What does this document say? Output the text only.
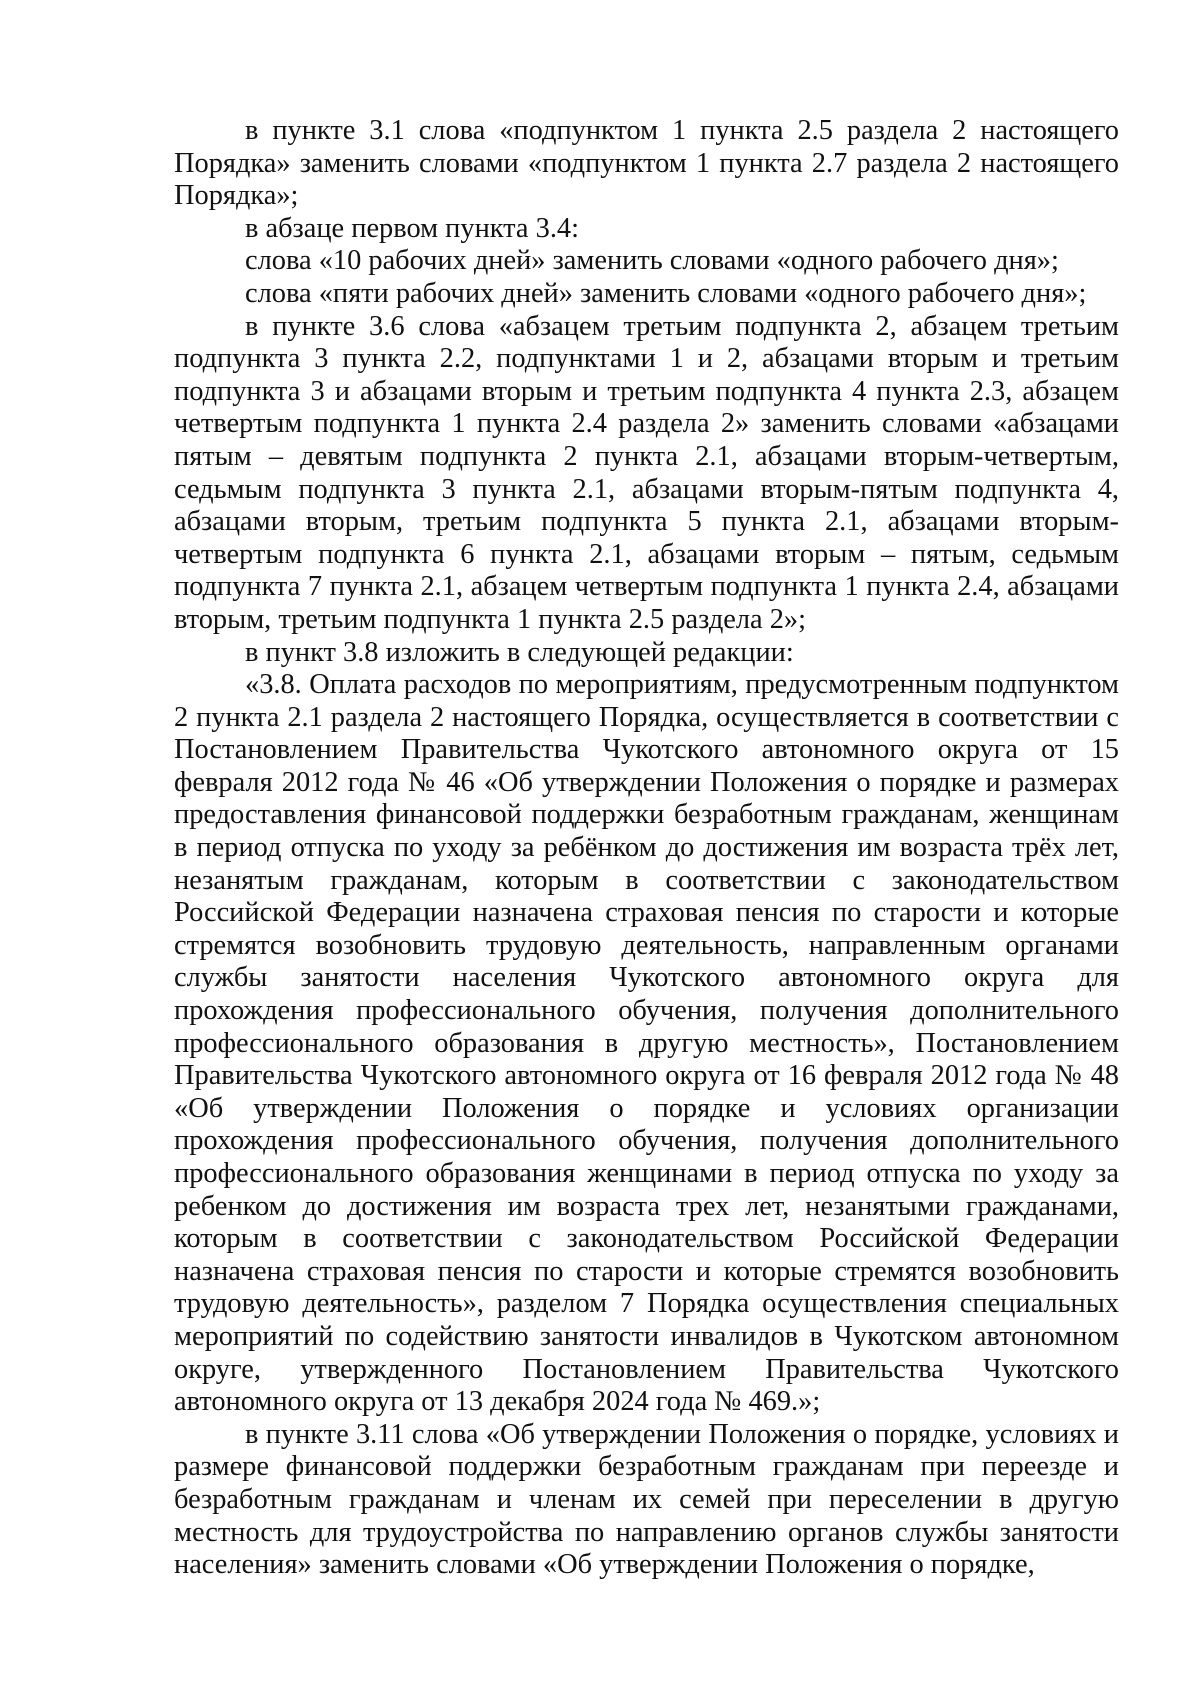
в пункте 3.1 слова «подпунктом 1 пункта 2.5 раздела 2 настоящего Порядка» заменить словами «подпунктом 1 пункта 2.7 раздела 2 настоящего Порядка»;

в абзаце первом пункта 3.4:

слова «10 рабочих дней» заменить словами «одного рабочего дня»;

слова «пяти рабочих дней» заменить словами «одного рабочего дня»;

в пункте 3.6 слова «абзацем третьим подпункта 2, абзацем третьим подпункта 3 пункта 2.2, подпунктами 1 и 2, абзацами вторым и третьим подпункта 3 и абзацами вторым и третьим подпункта 4 пункта 2.3, абзацем четвертым подпункта 1 пункта 2.4 раздела 2» заменить словами «абзацами пятым – девятым подпункта 2 пункта 2.1, абзацами вторым-четвертым, седьмым подпункта 3 пункта 2.1, абзацами вторым-пятым подпункта 4, абзацами вторым, третьим подпункта 5 пункта 2.1, абзацами вторым-четвертым подпункта 6 пункта 2.1, абзацами вторым – пятым, седьмым подпункта 7 пункта 2.1, абзацем четвертым подпункта 1 пункта 2.4, абзацами вторым, третьим подпункта 1 пункта 2.5 раздела 2»;

в пункт 3.8 изложить в следующей редакции:

«3.8. Оплата расходов по мероприятиям, предусмотренным подпунктом 2 пункта 2.1 раздела 2 настоящего Порядка, осуществляется в соответствии с Постановлением Правительства Чукотского автономного округа от 15 февраля 2012 года № 46 «Об утверждении Положения о порядке и размерах предоставления финансовой поддержки безработным гражданам, женщинам в период отпуска по уходу за ребёнком до достижения им возраста трёх лет, незанятым гражданам, которым в соответствии с законодательством Российской Федерации назначена страховая пенсия по старости и которые стремятся возобновить трудовую деятельность, направленным органами службы занятости населения Чукотского автономного округа для прохождения профессионального обучения, получения дополнительного профессионального образования в другую местность», Постановлением Правительства Чукотского автономного округа от 16 февраля 2012 года № 48 «Об утверждении Положения о порядке и условиях организации прохождения профессионального обучения, получения дополнительного профессионального образования женщинами в период отпуска по уходу за ребенком до достижения им возраста трех лет, незанятыми гражданами, которым в соответствии с законодательством Российской Федерации назначена страховая пенсия по старости и которые стремятся возобновить трудовую деятельность», разделом 7 Порядка осуществления специальных мероприятий по содействию занятости инвалидов в Чукотском автономном округе, утвержденного Постановлением Правительства Чукотского автономного округа от 13 декабря 2024 года № 469.»;

в пункте 3.11 слова «Об утверждении Положения о порядке, условиях и размере финансовой поддержки безработным гражданам при переезде и безработным гражданам и членам их семей при переселении в другую местность для трудоустройства по направлению органов службы занятости населения» заменить словами «Об утверждении Положения о порядке,
